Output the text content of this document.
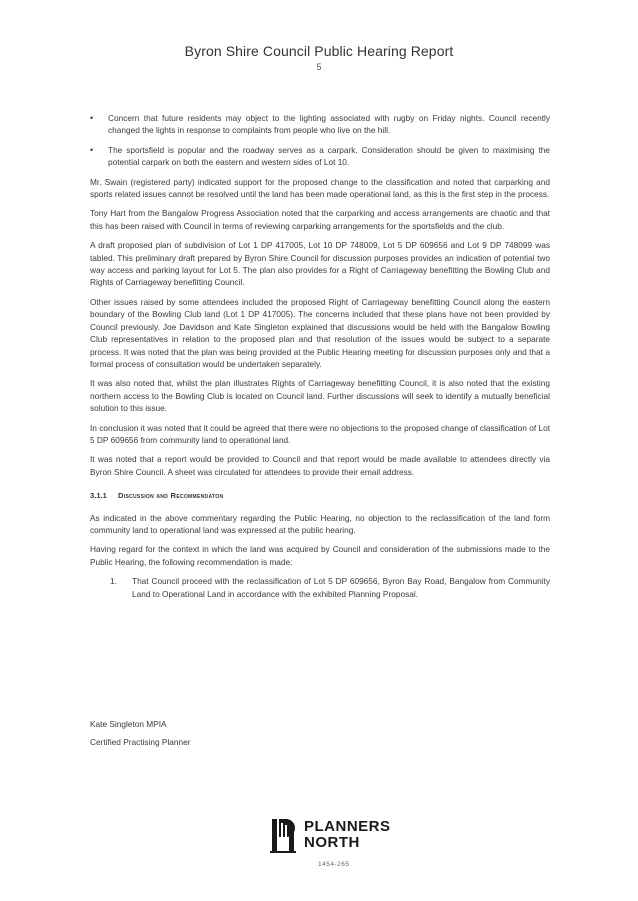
Byron Shire Council Public Hearing Report
5
• Concern that future residents may object to the lighting associated with rugby on Friday nights. Council recently changed the lights in response to complaints from people who live on the hill.
• The sportsfield is popular and the roadway serves as a carpark. Consideration should be given to maximising the potential carpark on both the eastern and western sides of Lot 10.

Mr. Swain (registered party) indicated support for the proposed change to the classification and noted that carparking and sports related issues cannot be resolved until the land has been made operational land, as this is the first step in the process.

Tony Hart from the Bangalow Progress Association noted that the carparking and access arrangements are chaotic and that this has been raised with Council in terms of reviewing carparking arrangements for the sportsfields and the club.

A draft proposed plan of subdivision of Lot 1 DP 417005, Lot 10 DP 748009, Lot 5 DP 609656 and Lot 9 DP 748099 was tabled. This preliminary draft prepared by Byron Shire Council for discussion purposes provides an indication of potential two way access and parking layout for Lot 5. The plan also provides for a Right of Carriageway benefitting the Bowling Club and Rights of Carriageway benefitting Council.

Other issues raised by some attendees included the proposed Right of Carriageway benefitting Council along the eastern boundary of the Bowling Club land (Lot 1 DP 417005). The concerns included that these plans have not been provided by Council previously. Joe Davidson and Kate Singleton explained that discussions would be held with the Bangalow Bowling Club representatives in relation to the proposed plan and that resolution of the issues would be subject to a separate process. It was noted that the plan was being provided at the Public Hearing meeting for discussion purposes only and that a formal process of consultation would be undertaken separately.

It was also noted that, whilst the plan illustrates Rights of Carriageway benefitting Council, it is also noted that the existing northern access to the Bowling Club is located on Council land. Further discussions will seek to identify a mutually beneficial solution to this issue.

In conclusion it was noted that it could be agreed that there were no objections to the proposed change of classification of Lot 5 DP 609656 from community land to operational land.

It was noted that a report would be provided to Council and that report would be made available to attendees directly via Byron Shire Council. A sheet was circulated for attendees to provide their email address.

3.1.1	Discussion and Recommendaton

As indicated in the above commentary regarding the Public Hearing, no objection to the reclassification of the land form community land to operational land was expressed at the public hearing.

Having regard for the context in which the land was acquired by Council and consideration of the submissions made to the Public Hearing, the following recommendation is made:

1. That Council proceed with the reclassification of Lot 5 DP 609656, Byron Bay Road, Bangalow from Community Land to Operational Land in accordance with the exhibited Planning Proposal.
Kate Singleton MPIA
Certified Practising Planner
PLANNERS
NORTH
1454-265
